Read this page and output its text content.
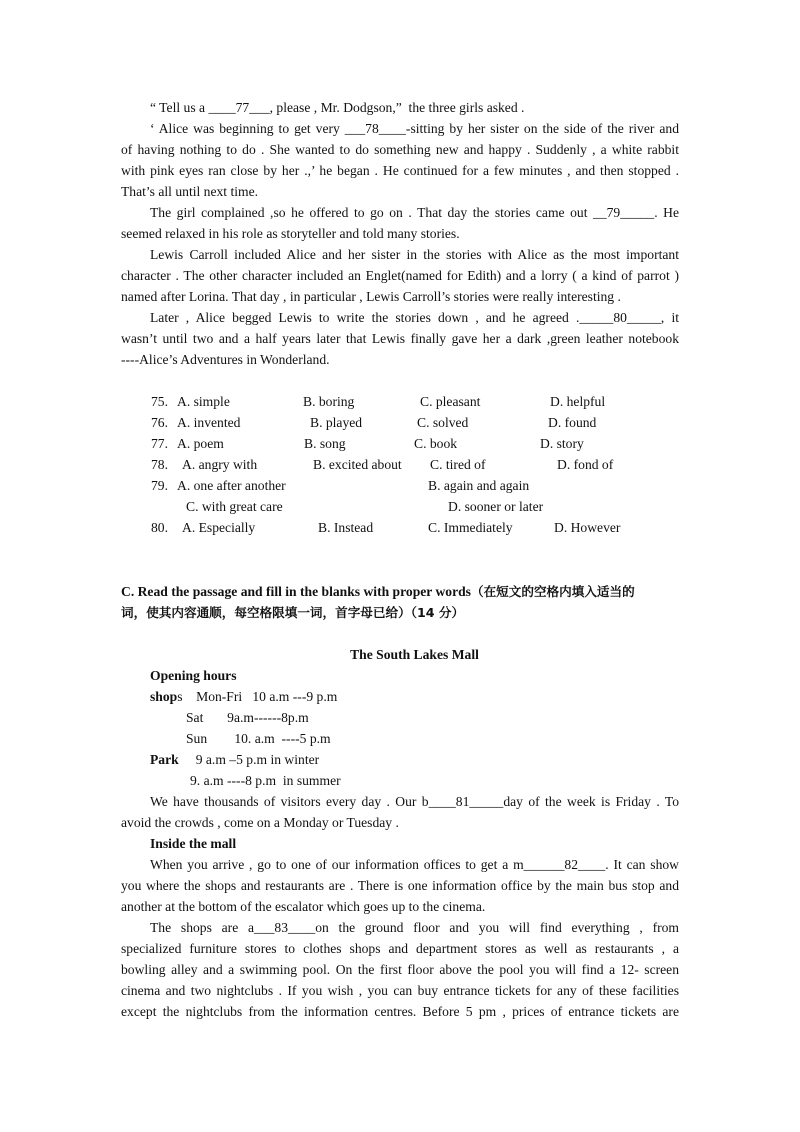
“ Tell us a ____77___, please , Mr. Dodgson,”  the three girls asked .
‘ Alice was beginning to get very ___78____-sitting by her sister on the side of the river and
of having nothing to do . She wanted to do something new and happy . Suddenly , a white rabbit
with pink eyes ran close by her .,’ he began . He continued for a few minutes , and then stopped .
That’s all until next time.
The girl complained ,so he offered to go on . That day the stories came out __79_____. He
seemed relaxed in his role as storyteller and told many stories.
Lewis Carroll included Alice and her sister in the stories with Alice as the most important
character . The other character included an Englet(named for Edith) and a lorry ( a kind of parrot )
named after Lorina. That day , in particular , Lewis Carroll’s stories were really interesting .
Later , Alice begged Lewis to write the stories down , and he agreed ._____80_____, it
wasn’t until two and a half years later that Lewis finally gave her a dark ,green leather notebook
----Alice’s Adventures in Wonderland.
75. A. simple	B. boring	C. pleasant	D. helpful
76. A. invented	B. played	C. solved	D. found
77. A. poem	B. song	C. book	D. story
78. A. angry with	B. excited about C. tired of	D. fond of
79. A. one after another	B. again and again
C. with great care	D. sooner or later
80. A. Especially	B. Instead	C. Immediately	D. However
C. Read the passage and fill in the blanks with proper words（在短文的空格内填入适当的
词，使其内容通顺，每空格限填一词，首字母已给）（14 分）
The South Lakes Mall
Opening hours
shops    Mon-Fri   10 a.m ---9 p.m
Sat       9a.m------8p.m
Sun        10. a.m  ----5 p.m
Park     9 a.m –5 p.m in winter
9. a.m ----8 p.m  in summer
We have thousands of visitors every day . Our b____81_____day of the week is Friday . To
avoid the crowds , come on a Monday or Tuesday .
Inside the mall
When you arrive , go to one of our information offices to get a m______82____. It can show
you where the shops and restaurants are . There is one information office by the main bus stop and
another at the bottom of the escalator which goes up to the cinema.
The shops are a___83____on the ground floor and you will find everything , from
specialized furniture stores to clothes shops and department stores as well as restaurants , a
bowling alley and a swimming pool. On the first floor above the pool you will find a 12- screen
cinema and two nightclubs . If you wish , you can buy entrance tickets for any of these facilities
except the nightclubs from the information centres. Before 5 pm , prices of entrance tickets are
